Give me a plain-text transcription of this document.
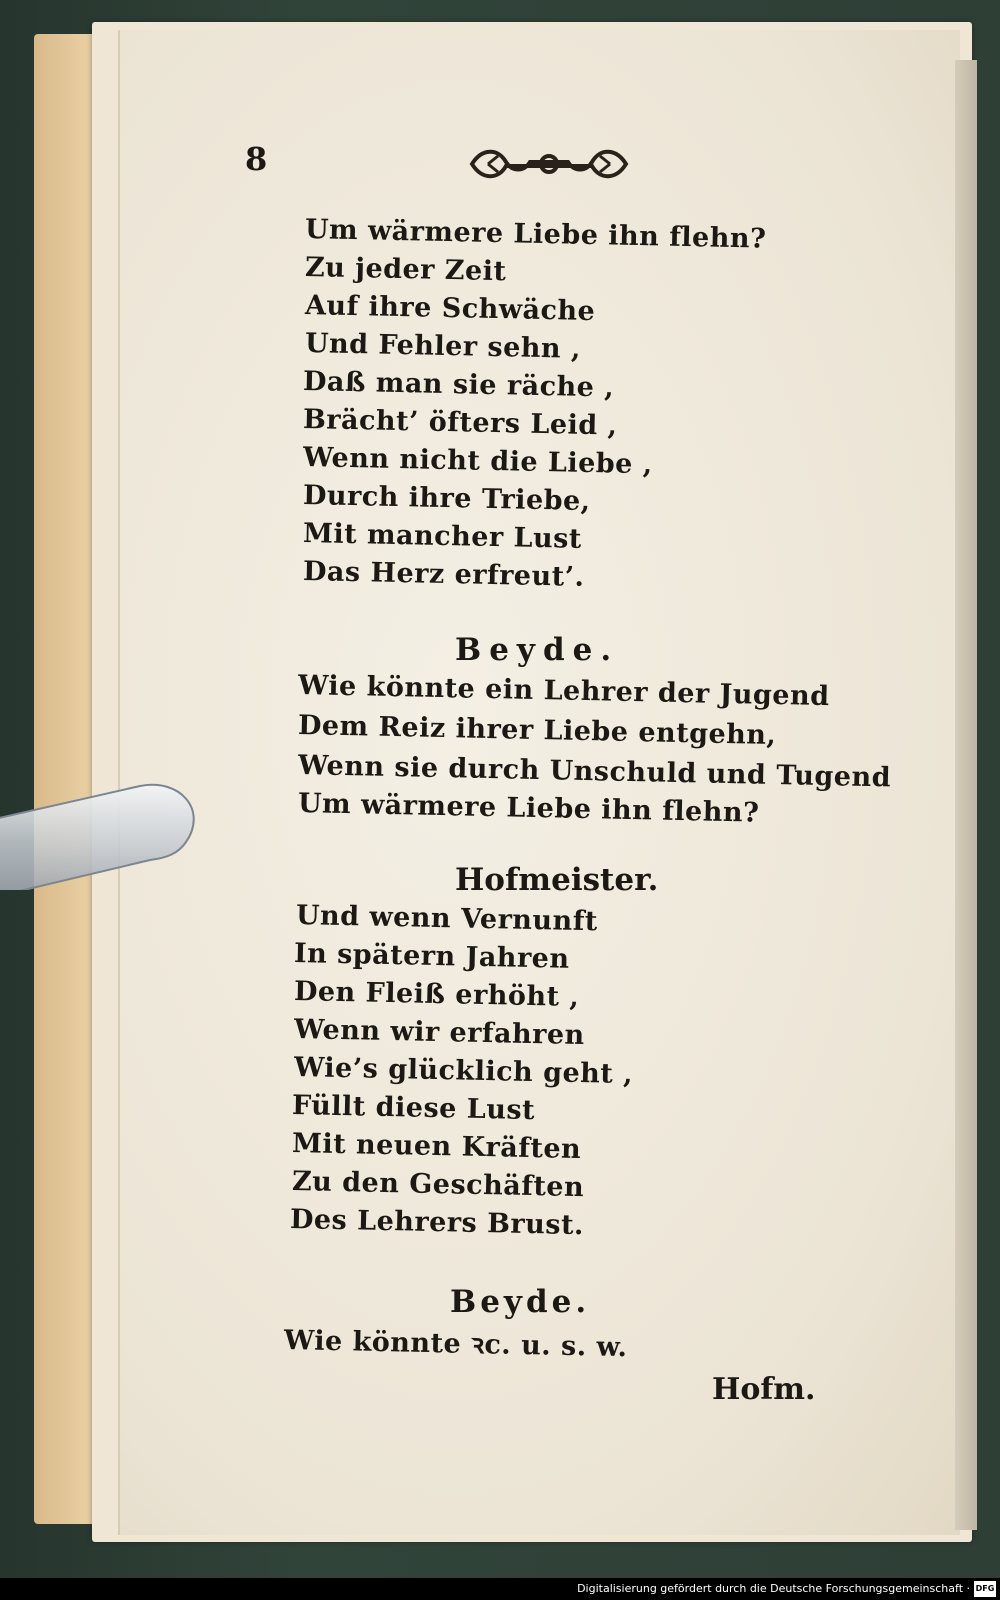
8
Um wärmere Liebe ihn flehn?
Zu jeder Zeit
Auf ihre Schwäche
Und Fehler sehn ,
Daß man sie räche ,
Brächt’ öfters Leid ,
Wenn nicht die Liebe ,
Durch ihre Triebe,
Mit mancher Lust
Das Herz erfreut’.
Beyde.
Wie könnte ein Lehrer der Jugend
Dem Reiz ihrer Liebe entgehn,
Wenn sie durch Unschuld und Tugend
Um wärmere Liebe ihn flehn?
Hofmeister.
Und wenn Vernunft
In spätern Jahren
Den Fleiß erhöht ,
Wenn wir erfahren
Wie’s glücklich geht ,
Füllt diese Lust
Mit neuen Kräften
Zu den Geschäften
Des Lehrers Brust.
Beyde.
Wie könnte ꝛc. u. s. w.
Hofm.
Digitalisierung gefördert durch die Deutsche Forschungsgemeinschaft · DFG
